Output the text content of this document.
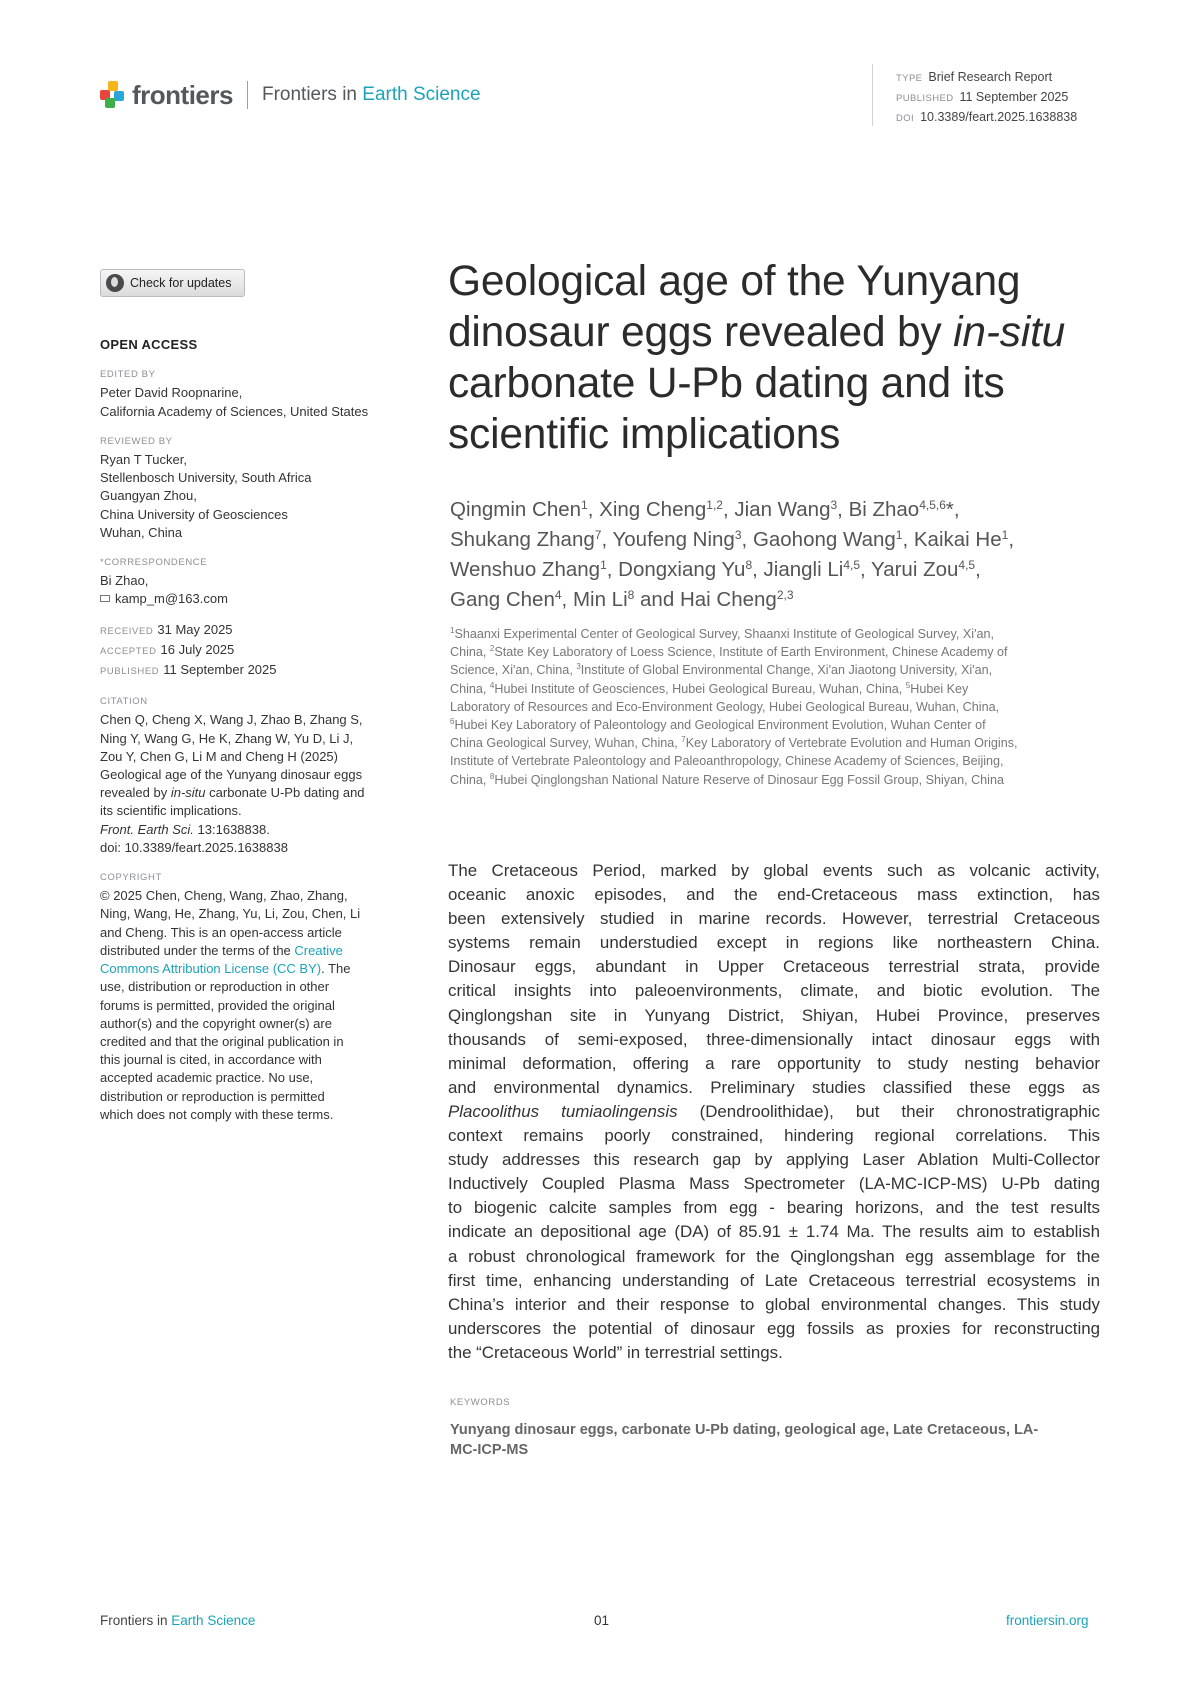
frontiers Frontiers in Earth Science
TYPE Brief Research Report
PUBLISHED 11 September 2025
DOI 10.3389/feart.2025.1638838
Check for updates
OPEN ACCESS
EDITED BY
Peter David Roopnarine,
California Academy of Sciences, United States
REVIEWED BY
Ryan T Tucker,
Stellenbosch University, South Africa
Guangyan Zhou,
China University of Geosciences
Wuhan, China
*CORRESPONDENCE
Bi Zhao,
kamp_m@163.com
RECEIVED 31 May 2025
ACCEPTED 16 July 2025
PUBLISHED 11 September 2025
CITATION
Chen Q, Cheng X, Wang J, Zhao B, Zhang S,
Ning Y, Wang G, He K, Zhang W, Yu D, Li J,
Zou Y, Chen G, Li M and Cheng H (2025)
Geological age of the Yunyang dinosaur eggs
revealed by in-situ carbonate U-Pb dating and
its scientific implications.
Front. Earth Sci. 13:1638838.
doi: 10.3389/feart.2025.1638838
COPYRIGHT
© 2025 Chen, Cheng, Wang, Zhao, Zhang,
Ning, Wang, He, Zhang, Yu, Li, Zou, Chen, Li
and Cheng. This is an open-access article
distributed under the terms of the Creative
Commons Attribution License (CC BY). The
use, distribution or reproduction in other
forums is permitted, provided the original
author(s) and the copyright owner(s) are
credited and that the original publication in
this journal is cited, in accordance with
accepted academic practice. No use,
distribution or reproduction is permitted
which does not comply with these terms.
Geological age of the Yunyang
dinosaur eggs revealed by in-situ
carbonate U-Pb dating and its
scientific implications
Qingmin Chen$^1$, Xing Cheng$^{1,2}$, Jian Wang$^3$, Bi Zhao$^{4,5,6}$*,
Shukang Zhang$^7$, Youfeng Ning$^3$, Gaohong Wang$^1$, Kaikai He$^1$,
Wenshuo Zhang$^1$, Dongxiang Yu$^8$, Jiangli Li$^{4,5}$, Yarui Zou$^{4,5}$,
Gang Chen$^4$, Min Li$^8$ and Hai Cheng$^{2,3}$
$^1$Shaanxi Experimental Center of Geological Survey, Shaanxi Institute of Geological Survey, Xi'an,
China, $^2$State Key Laboratory of Loess Science, Institute of Earth Environment, Chinese Academy of
Science, Xi'an, China, $^3$Institute of Global Environmental Change, Xi'an Jiaotong University, Xi'an,
China, $^4$Hubei Institute of Geosciences, Hubei Geological Bureau, Wuhan, China, $^5$Hubei Key
Laboratory of Resources and Eco-Environment Geology, Hubei Geological Bureau, Wuhan, China,
$^6$Hubei Key Laboratory of Paleontology and Geological Environment Evolution, Wuhan Center of
China Geological Survey, Wuhan, China, $^7$Key Laboratory of Vertebrate Evolution and Human Origins,
Institute of Vertebrate Paleontology and Paleoanthropology, Chinese Academy of Sciences, Beijing,
China, $^8$Hubei Qinglongshan National Nature Reserve of Dinosaur Egg Fossil Group, Shiyan, China
The Cretaceous Period, marked by global events such as volcanic activity,
oceanic anoxic episodes, and the end-Cretaceous mass extinction, has
been extensively studied in marine records. However, terrestrial Cretaceous
systems remain understudied except in regions like northeastern China.
Dinosaur eggs, abundant in Upper Cretaceous terrestrial strata, provide
critical insights into paleoenvironments, climate, and biotic evolution. The
Qinglongshan site in Yunyang District, Shiyan, Hubei Province, preserves
thousands of semi-exposed, three-dimensionally intact dinosaur eggs with
minimal deformation, offering a rare opportunity to study nesting behavior
and environmental dynamics. Preliminary studies classified these eggs as
Placoolithus tumiaolingensis (Dendroolithidae), but their chronostratigraphic
context remains poorly constrained, hindering regional correlations. This
study addresses this research gap by applying Laser Ablation Multi-Collector
Inductively Coupled Plasma Mass Spectrometer (LA-MC-ICP-MS) U-Pb dating
to biogenic calcite samples from egg - bearing horizons, and the test results
indicate an depositional age (DA) of 85.91 ± 1.74 Ma. The results aim to establish
a robust chronological framework for the Qinglongshan egg assemblage for the
first time, enhancing understanding of Late Cretaceous terrestrial ecosystems in
China’s interior and their response to global environmental changes. This study
underscores the potential of dinosaur egg fossils as proxies for reconstructing
the “Cretaceous World” in terrestrial settings.
KEYWORDS
Yunyang dinosaur eggs, carbonate U-Pb dating, geological age, Late Cretaceous, LA-
MC-ICP-MS
Frontiers in Earth Science	01	frontiersin.org
